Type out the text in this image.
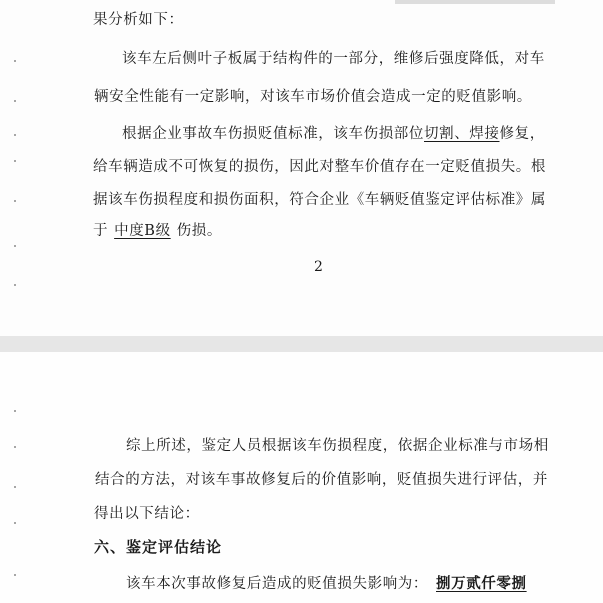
果分析如下：
该车左后侧叶子板属于结构件的一部分，维修后强度降低，对车
辆安全性能有一定影响，对该车市场价值会造成一定的贬值影响。
根据企业事故车伤损贬值标准，该车伤损部位切割、焊接修复，
给车辆造成不可恢复的损伤，因此对整车价值存在一定贬值损失。根
据该车伤损程度和损伤面积，符合企业《车辆贬值鉴定评估标准》属
于 中度B级 伤损。
2
综上所述，鉴定人员根据该车伤损程度，依据企业标准与市场相
结合的方法，对该车事故修复后的价值影响，贬值损失进行评估，并
得出以下结论：
六、鉴定评估结论
该车本次事故修复后造成的贬值损失影响为： 捌万贰仟零捌
